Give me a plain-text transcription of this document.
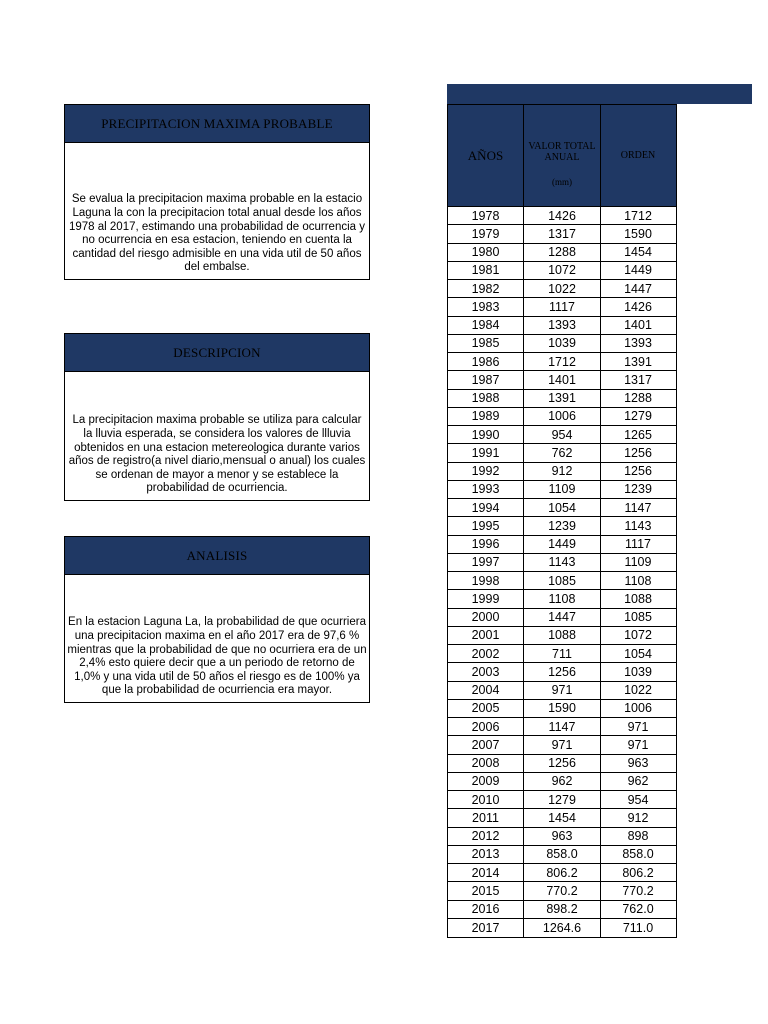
PRECIPITACION MAXIMA PROBABLE
Se evalua la precipitacion maxima probable en la estacio Laguna la con la precipitacion total anual desde los años 1978 al 2017, estimando una probabilidad de ocurrencia y no ocurrencia en esa estacion, teniendo en cuenta la cantidad del riesgo admisible en una vida util de 50 años del embalse.
DESCRIPCION
La precipitacion maxima probable se utiliza para calcular la lluvia esperada, se considera los valores de llluvia obtenidos en una estacion metereologica durante varios años de registro(a nivel diario,mensual o anual) los cuales se ordenan de mayor a menor y se establece la probabilidad de ocurriencia.
ANALISIS
En la estacion Laguna La, la probabilidad de que ocurriera una precipitacion maxima en el año 2017 era de 97,6 % mientras que la probabilidad de que no ocurriera era de un 2,4% esto quiere decir que a un periodo de retorno de 1,0% y una vida util de 50 años el riesgo es de 100% ya que la probabilidad de ocurriencia era mayor.
AÑOS
VALOR TOTAL ANUAL
(mm)
ORDEN
1978	1426	1712
1979	1317	1590
1980	1288	1454
1981	1072	1449
1982	1022	1447
1983	1117	1426
1984	1393	1401
1985	1039	1393
1986	1712	1391
1987	1401	1317
1988	1391	1288
1989	1006	1279
1990	954	1265
1991	762	1256
1992	912	1256
1993	1109	1239
1994	1054	1147
1995	1239	1143
1996	1449	1117
1997	1143	1109
1998	1085	1108
1999	1108	1088
2000	1447	1085
2001	1088	1072
2002	711	1054
2003	1256	1039
2004	971	1022
2005	1590	1006
2006	1147	971
2007	971	971
2008	1256	963
2009	962	962
2010	1279	954
2011	1454	912
2012	963	898
2013	858.0	858.0
2014	806.2	806.2
2015	770.2	770.2
2016	898.2	762.0
2017	1264.6	711.0
